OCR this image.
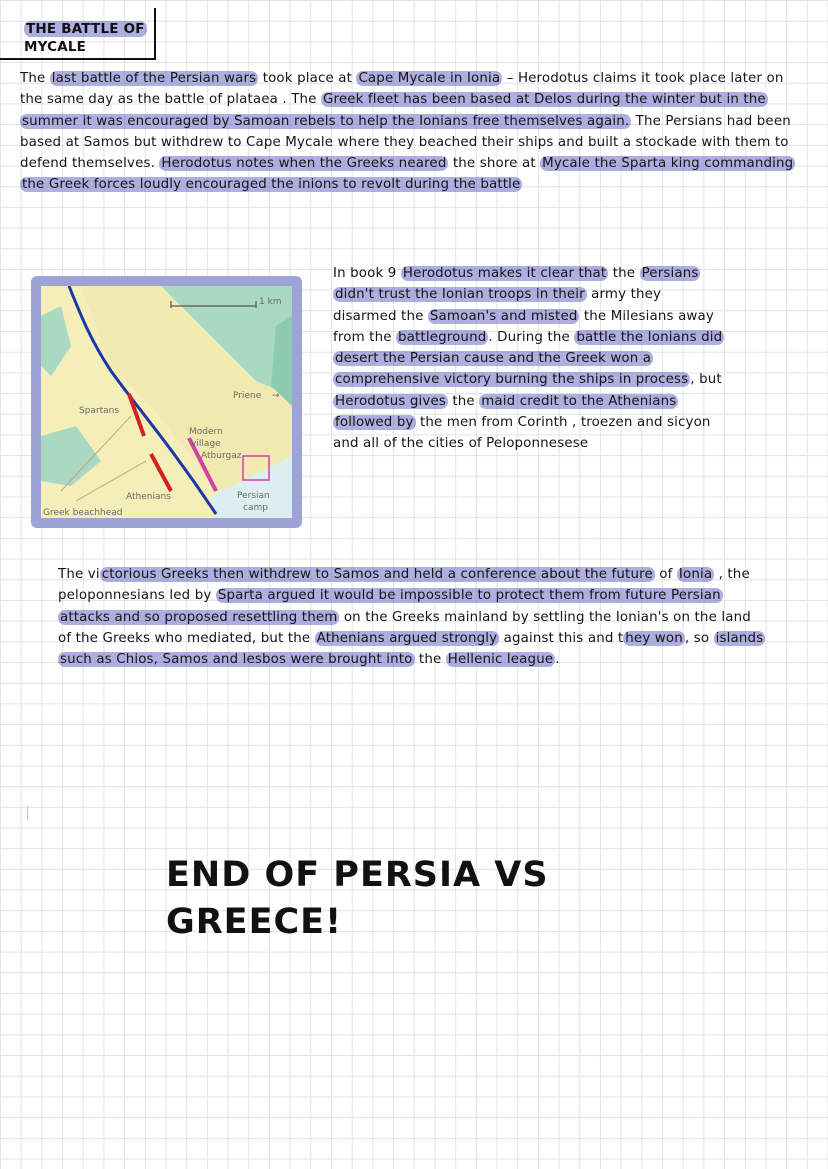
THE BATTLE OF
MYCALE

The last battle of the Persian wars took place at Cape Mycale in Ionia – Herodotus claims it took place later on the same day as the battle of plataea . The Greek fleet has been based at Delos during the winter but in the summer it was encouraged by Samoan rebels to help the Ionians free themselves again. The Persians had been based at Samos but withdrew to Cape Mycale where they beached their ships and built a stockade with them to defend themselves. Herodotus notes when the Greeks neared the shore at Mycale the Sparta king commanding the Greek forces loudly encouraged the inions to revolt during the battle

1 km
Spartans
Priene →
Modern
village
Atburgaz
Athenians	Persian
camp
Greek beachhead

In book 9 Herodotus makes it clear that the Persians didn't trust the Ionian troops in their army they disarmed the Samoan's and misted the Milesians away from the battleground . During the battle the Ionians did desert the Persian cause and the Greek won a comprehensive victory burning the ships in process , but Herodotus gives the maid credit to the Athenians followed by the men from Corinth , troezen and sicyon and all of the cities of Peloponnesese

The vi ctorious Greeks then withdrew to Samos and held a conference about the future of Ionia , the peloponnesians led by Sparta argued it would be impossible to protect them from future Persian attacks and so proposed resettling them on the Greeks mainland by settling the Ionian's on the land of the Greeks who mediated, but the Athenians argued strongly against this and t hey won , so islands such as Chios, Samos and lesbos were brought into the Hellenic league .

END OF PERSIA VS
GREECE!
